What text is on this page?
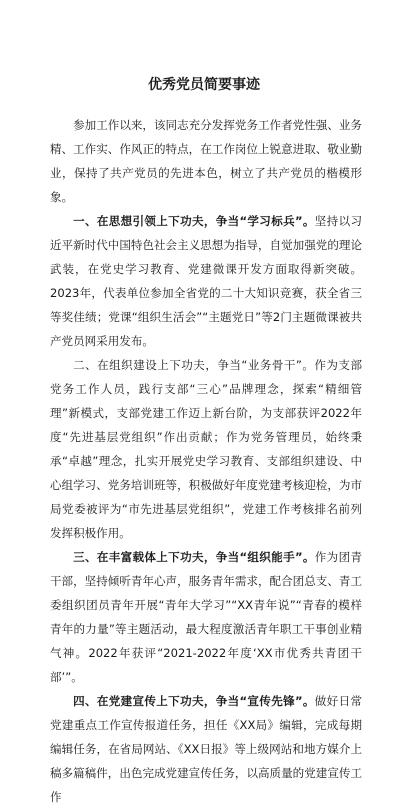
优秀党员简要事迹

参加工作以来，该同志充分发挥党务工作者党性强、业务精、工作实、作风正的特点，在工作岗位上锐意进取、敬业勤业，保持了共产党员的先进本色，树立了共产党员的楷模形象。

一、在思想引领上下功夫，争当“学习标兵”。坚持以习近平新时代中国特色社会主义思想为指导，自觉加强党的理论武装，在党史学习教育、党建微课开发方面取得新突破。2023年，代表单位参加全省党的二十大知识竞赛，获全省三等奖佳绩；党课“组织生活会”“主题党日”等2门主题微课被共产党员网采用发布。

二、在组织建设上下功夫，争当“业务骨干”。作为支部党务工作人员，践行支部“三心”品牌理念，探索“精细管理”新模式，支部党建工作迈上新台阶，为支部获评2022年度“先进基层党组织”作出贡献；作为党务管理员，始终秉承“卓越”理念，扎实开展党史学习教育、支部组织建设、中心组学习、党务培训班等，积极做好年度党建考核迎检，为市局党委被评为“市先进基层党组织”，党建工作考核排名前列发挥积极作用。

三、在丰富载体上下功夫，争当“组织能手”。作为团青干部，坚持倾听青年心声，服务青年需求，配合团总支、青工委组织团员青年开展“青年大学习”“XX青年说”“青春的模样 青年的力量”等主题活动，最大程度激活青年职工干事创业精气神。2022年获评“2021-2022年度‘XX市优秀共青团干部’”。

四、在党建宣传上下功夫，争当“宣传先锋”。做好日常党建重点工作宣传报道任务，担任《XX局》编辑，完成每期编辑任务，在省局网站、《XX日报》等上级网站和地方媒介上稿多篇稿件，出色完成党建宣传任务，以高质量的党建宣传工作
